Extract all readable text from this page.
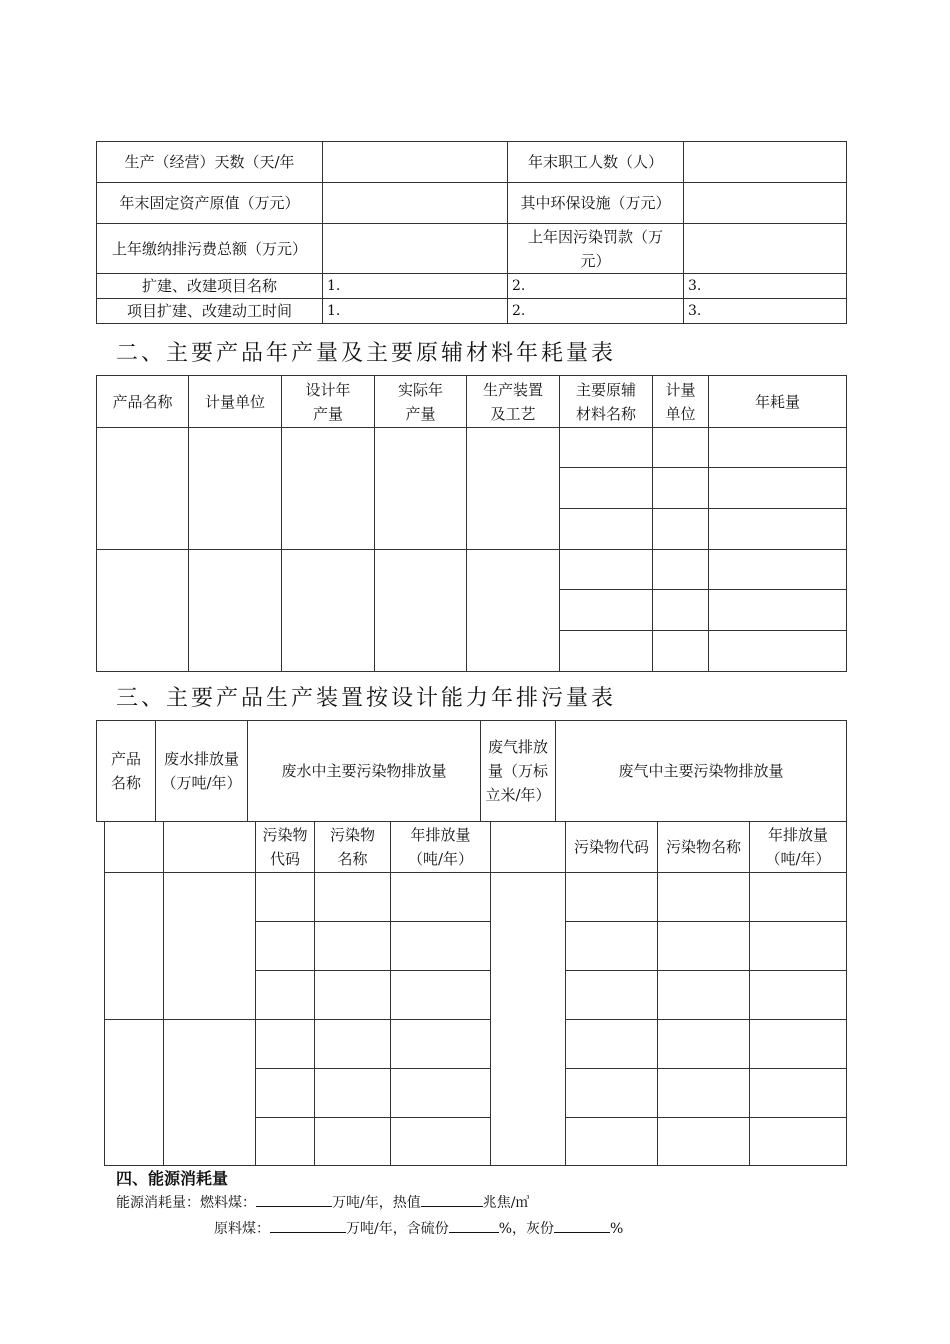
生产（经营）天数（天/年		年末职工人数（人）	
年末固定资产原值（万元）		其中环保设施（万元）	
上年缴纳排污费总额（万元）		上年因污染罚款（万元）	
扩建、改建项目名称	1.	2.	3.
项目扩建、改建动工时间	1.	2.	3.
二、主要产品年产量及主要原辅材料年耗量表
产品名称	计量单位	设计年产量	实际年产量	生产装置及工艺	主要原辅材料名称	计量单位	年耗量

三、主要产品生产装置按设计能力年排污量表
产品名称	废水排放量（万吨/年）	废水中主要污染物排放量	废气排放量（万标立米/年）	废气中主要污染物排放量
		污染物代码	污染物名称	年排放量（吨/年）		污染物代码	污染物名称	年排放量（吨/年）

四、能源消耗量
能源消耗量：燃料煤：	万吨/年，热值	兆焦/㎥
原料煤：	万吨/年，含硫份	%，灰份	%
